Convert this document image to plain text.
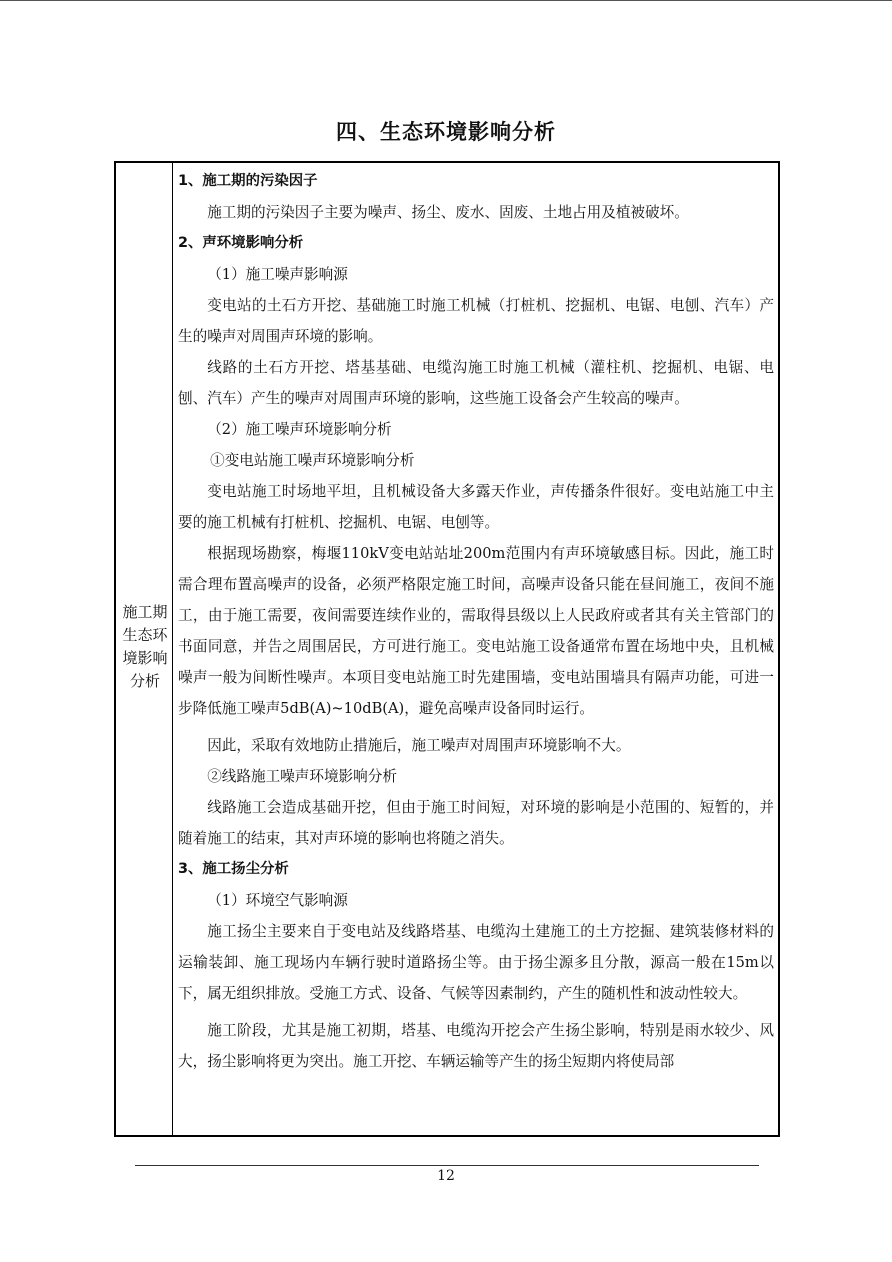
四、生态环境影响分析
施工期生态环境影响分析

1、施工期的污染因子

施工期的污染因子主要为噪声、扬尘、废水、固废、土地占用及植被破坏。

2、声环境影响分析

（1）施工噪声影响源

变电站的土石方开挖、基础施工时施工机械（打桩机、挖掘机、电锯、电刨、汽车）产生的噪声对周围声环境的影响。

线路的土石方开挖、塔基基础、电缆沟施工时施工机械（灌柱机、挖掘机、电锯、电刨、汽车）产生的噪声对周围声环境的影响，这些施工设备会产生较高的噪声。

（2）施工噪声环境影响分析

①变电站施工噪声环境影响分析

变电站施工时场地平坦，且机械设备大多露天作业，声传播条件很好。变电站施工中主要的施工机械有打桩机、挖掘机、电锯、电刨等。

根据现场勘察，梅堰110kV变电站站址200m范围内有声环境敏感目标。因此，施工时需合理布置高噪声的设备，必须严格限定施工时间，高噪声设备只能在昼间施工，夜间不施工，由于施工需要，夜间需要连续作业的，需取得县级以上人民政府或者其有关主管部门的书面同意，并告之周围居民，方可进行施工。变电站施工设备通常布置在场地中央，且机械噪声一般为间断性噪声。本项目变电站施工时先建围墙，变电站围墙具有隔声功能，可进一步降低施工噪声5dB(A)~10dB(A)，避免高噪声设备同时运行。

因此，采取有效地防止措施后，施工噪声对周围声环境影响不大。

②线路施工噪声环境影响分析

线路施工会造成基础开挖，但由于施工时间短，对环境的影响是小范围的、短暂的，并随着施工的结束，其对声环境的影响也将随之消失。

3、施工扬尘分析

（1）环境空气影响源

施工扬尘主要来自于变电站及线路塔基、电缆沟土建施工的土方挖掘、建筑装修材料的运输装卸、施工现场内车辆行驶时道路扬尘等。由于扬尘源多且分散，源高一般在15m以下，属无组织排放。受施工方式、设备、气候等因素制约，产生的随机性和波动性较大。

施工阶段，尤其是施工初期，塔基、电缆沟开挖会产生扬尘影响，特别是雨水较少、风大，扬尘影响将更为突出。施工开挖、车辆运输等产生的扬尘短期内将使局部

12
